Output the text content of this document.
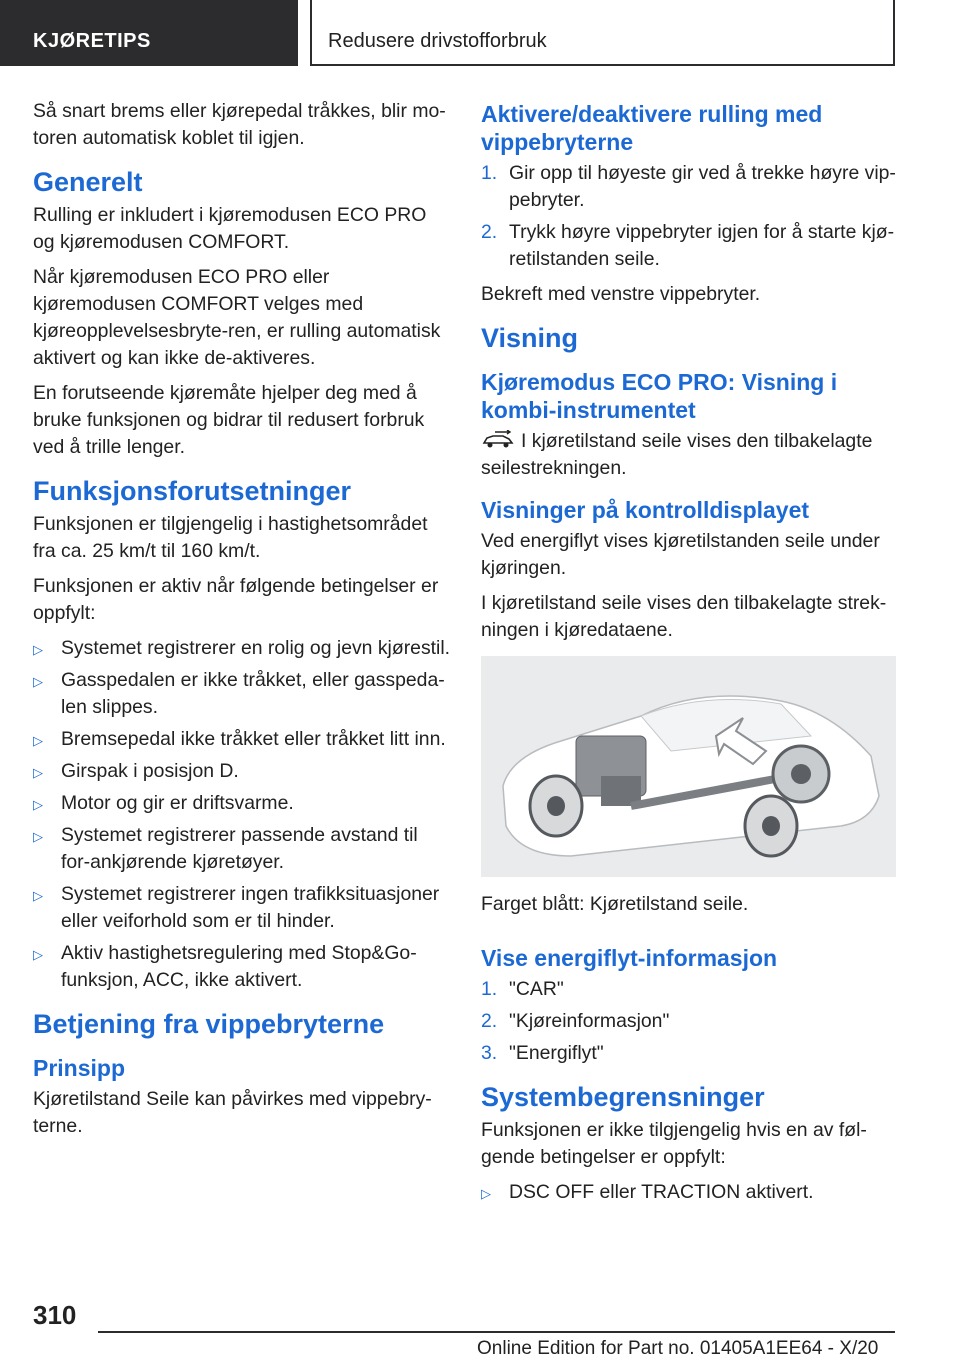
KJØRETIPS	Redusere drivstofforbruk

Så snart brems eller kjørepedal tråkkes, blir mo-toren automatisk koblet til igjen.

Generelt

Rulling er inkludert i kjøremodusen ECO PRO og kjøremodusen COMFORT.

Når kjøremodusen ECO PRO eller kjøremodusen COMFORT velges med kjøreopplevelsesbryte-ren, er rulling automatisk aktivert og kan ikke de-aktiveres.

En forutseende kjøremåte hjelper deg med å bruke funksjonen og bidrar til redusert forbruk ved å trille lenger.

Funksjonsforutsetninger

Funksjonen er tilgjengelig i hastighetsområdet fra ca. 25 km/t til 160 km/t.

Funksjonen er aktiv når følgende betingelser er oppfylt:

▷ Systemet registrerer en rolig og jevn kjørestil.
▷ Gasspedalen er ikke tråkket, eller gasspeda-len slippes.
▷ Bremsepedal ikke tråkket eller tråkket litt inn.
▷ Girspak i posisjon D.
▷ Motor og gir er driftsvarme.
▷ Systemet registrerer passende avstand til for-ankjørende kjøretøyer.
▷ Systemet registrerer ingen trafikksituasjoner eller veiforhold som er til hinder.
▷ Aktiv hastighetsregulering med Stop&Go-funksjon, ACC, ikke aktivert.
Betjening fra vippebryterne
Prinsipp

Kjøretilstand Seile kan påvirkes med vippebry-terne.

Aktivere/deaktivere rulling med vippebryterne
1. Gir opp til høyeste gir ved å trekke høyre vip-pebryter.
2. Trykk høyre vippebryter igjen for å starte kjø-retilstanden seile.

Bekreft med venstre vippebryter.

Visning
Kjøremodus ECO PRO: Visning i kombi-instrumentet

I kjøretilstand seile vises den tilbakelagte seilestrekningen.

Visninger på kontrolldisplayet

Ved energiflyt vises kjøretilstanden seile under kjøringen.

I kjøretilstand seile vises den tilbakelagte strek-ningen i kjøredataene.

Farget blått: Kjøretilstand seile.

Vise energiflyt-informasjon
1. "CAR"
2. "Kjøreinformasjon"
3. "Energiflyt"
Systembegrensninger

Funksjonen er ikke tilgjengelig hvis en av føl-gende betingelser er oppfylt:

▷ DSC OFF eller TRACTION aktivert.
310
Online Edition for Part no. 01405A1EE64 - X/20
